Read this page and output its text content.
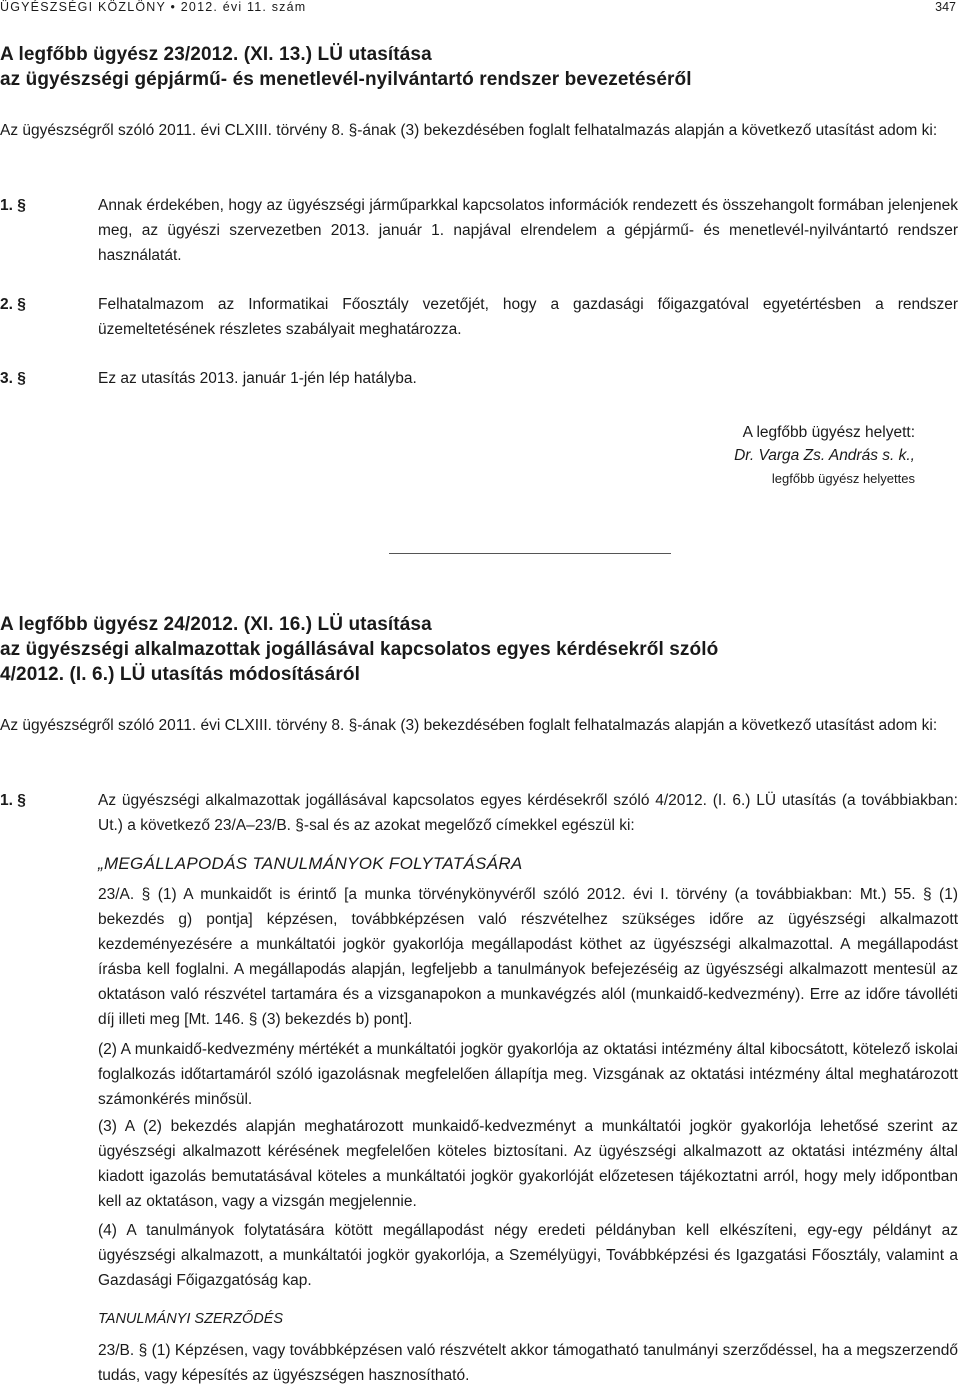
ÜGYÉSZSÉGI KÖZLÖNY • 2012. évi 11. szám	347
A legfőbb ügyész 23/2012. (XI. 13.) LÜ utasítása
az ügyészségi gépjármű- és menetlevél-nyilvántartó rendszer bevezetéséről
Az ügyészségről szóló 2011. évi CLXIII. törvény 8. §-ának (3) bekezdésében foglalt felhatalmazás alapján a következő utasítást adom ki:
1. §	Annak érdekében, hogy az ügyészségi járműparkkal kapcsolatos információk rendezett és összehangolt formában jelenjenek meg, az ügyészi szervezetben 2013. január 1. napjával elrendelem a gépjármű- és menetlevél-nyilvántartó rendszer használatát.
2. §	Felhatalmazom az Informatikai Főosztály vezetőjét, hogy a gazdasági főigazgatóval egyetértésben a rendszer üzemeltetésének részletes szabályait meghatározza.
3. §	Ez az utasítás 2013. január 1-jén lép hatályba.
A legfőbb ügyész helyett:
Dr. Varga Zs. András s. k.,
legfőbb ügyész helyettes
A legfőbb ügyész 24/2012. (XI. 16.) LÜ utasítása
az ügyészségi alkalmazottak jogállásával kapcsolatos egyes kérdésekről szóló
4/2012. (I. 6.) LÜ utasítás módosításáról
Az ügyészségről szóló 2011. évi CLXIII. törvény 8. §-ának (3) bekezdésében foglalt felhatalmazás alapján a következő utasítást adom ki:
1. §	Az ügyészségi alkalmazottak jogállásával kapcsolatos egyes kérdésekről szóló 4/2012. (I. 6.) LÜ utasítás (a továbbiakban: Ut.) a következő 23/A–23/B. §-sal és az azokat megelőző címekkel egészül ki:
„MEGÁLLAPODÁS TANULMÁNYOK FOLYTATÁSÁRA
23/A. § (1) A munkaidőt is érintő [a munka törvénykönyvéről szóló 2012. évi I. törvény (a továbbiakban: Mt.) 55. § (1) bekezdés g) pontja] képzésen, továbbképzésen való részvételhez szükséges időre az ügyészségi alkalmazott kezdeményezésére a munkáltatói jogkör gyakorlója megállapodást köthet az ügyészségi alkalmazottal. A megállapodást írásba kell foglalni. A megállapodás alapján, legfeljebb a tanulmányok befejezéséig az ügyészségi alkalmazott mentesül az oktatáson való részvétel tartamára és a vizsganapokon a munkavégzés alól (munkaidő-kedvezmény). Erre az időre távolléti díj illeti meg [Mt. 146. § (3) bekezdés b) pont].
(2) A munkaidő-kedvezmény mértékét a munkáltatói jogkör gyakorlója az oktatási intézmény által kibocsátott, kötelező iskolai foglalkozás időtartamáról szóló igazolásnak megfelelően állapítja meg. Vizsgának az oktatási intézmény által meghatározott számonkérés minősül.
(3) A (2) bekezdés alapján meghatározott munkaidő-kedvezményt a munkáltatói jogkör gyakorlója lehetősé szerint az ügyészségi alkalmazott kérésének megfelelően köteles biztosítani. Az ügyészségi alkalmazott az oktatási intézmény által kiadott igazolás bemutatásával köteles a munkáltatói jogkör gyakorlóját előzetesen tájékoztatni arról, hogy mely időpontban kell az oktatáson, vagy a vizsgán megjelennie.
(4) A tanulmányok folytatására kötött megállapodást négy eredeti példányban kell elkészíteni, egy-egy példányt az ügyészségi alkalmazott, a munkáltatói jogkör gyakorlója, a Személyügyi, Továbbképzési és Igazgatási Főosztály, valamint a Gazdasági Főigazgatóság kap.
TANULMÁNYI SZERZŐDÉS
23/B. § (1) Képzésen, vagy továbbképzésen való részvételt akkor támogatható tanulmányi szerződéssel, ha a megszerzendő tudás, vagy képesítés az ügyészségen hasznosítható.
